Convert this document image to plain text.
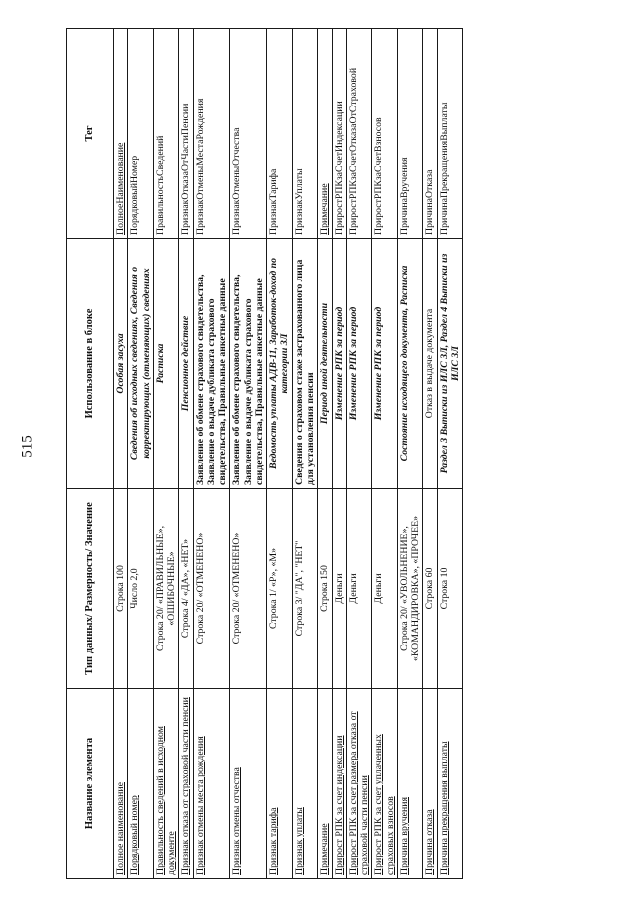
515
Название элемента	Тип данных/ Размерность/ Значение	Использование в блоке	Тег
Полное наименование	Строка 100	Особая засуха	ПолноеНаименование
Порядковый номер	Число 2,0	Сведения об исходных сведениях, Сведения о корректирующих (отменяющих) сведениях	ПорядковыйНомер
Правильность сведений в исходном документе	Строка 20/ «ПРАВИЛЬНЫЕ», «ОШИБОЧНЫЕ»	Расписка	ПравильностьСведений
Признак отказа от страховой части пенсии	Строка 4/ «ДА», «НЕТ»	Пенсионное действие	ПризнакОтказаОтЧастиПенсии
Признак отмены места рождения	Строка 20/ «ОТМЕНЕНО»	Заявление об обмене страхового свидетельства, Заявление о выдаче дубликата страхового свидетельства, Правильные анкетные данные	ПризнакОтменыМестаРождения
Признак отмены отчества	Строка 20/ «ОТМЕНЕНО»	Заявление об обмене страхового свидетельства, Заявление о выдаче дубликата страхового свидетельства, Правильные анкетные данные	ПризнакОтменыОтчества
Признак тарифа	Строка 1/ «Р», «М»	Ведомость уплаты АДВ-11, Заработок-доход по категории ЗЛ	ПризнакТарифа
Признак уплаты	Строка 3/ "ДА", "НЕТ"	Сведения о страховом стаже застрахованного лица для установления пенсии	ПризнакУплаты
Примечание	Строка 150	Период иной деятельности	Примечание
Прирост РПК за счет индексации	Деньги	Изменение РПК за период	ПриростРПКзаСчетИндексации
Прирост РПК за счет размера отказа от страховой части пенсии	Деньги	Изменение РПК за период	ПриростРПКзаСчетОтказаОтСтраховой
Прирост РПК за счет уплаченных страховых взносов	Деньги	Изменение РПК за период	ПриростРПКзаСчетВзносов
Причина вручения	Строка 20/ «УВОЛЬНЕНИЕ», «КОМАНДИРОВКА», «ПРОЧЕЕ»	Состояние исходящего документа, Расписка	ПричинаВручения
Причина отказа	Строка 60	Отказ в выдаче документа	ПричинаОтказа
Причина прекращения выплаты	Строка 10	Раздел 3 Выписки из ИЛС ЗЛ, Раздел 4 Выписки из ИЛС ЗЛ	ПричинаПрекращенияВыплаты
